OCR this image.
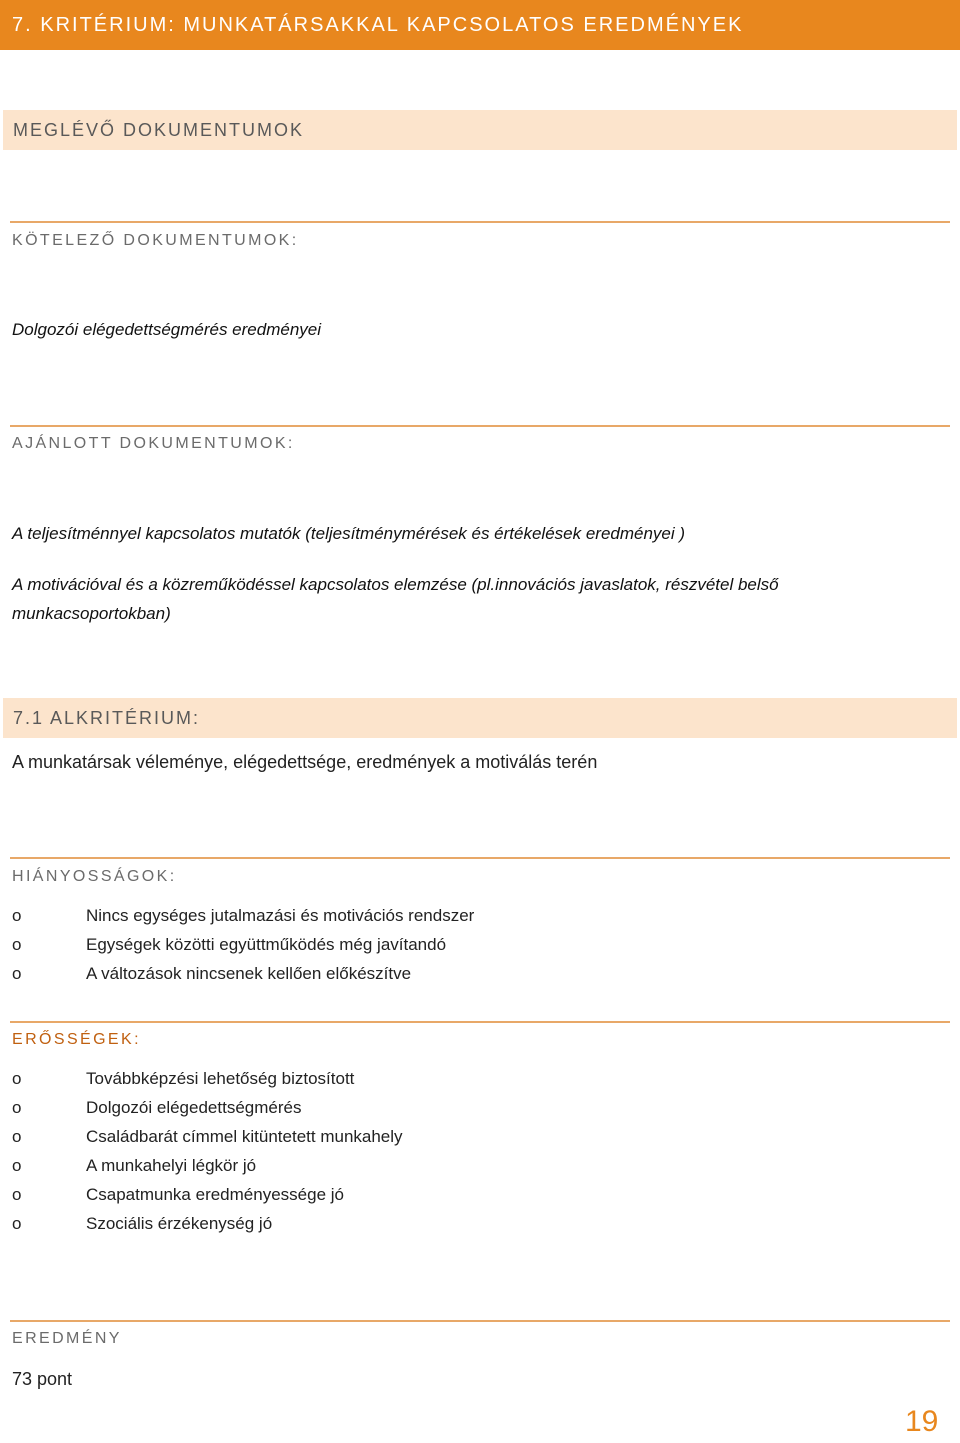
7. KRITÉRIUM: MUNKATÁRSAKKAL KAPCSOLATOS EREDMÉNYEK
MEGLÉVŐ DOKUMENTUMOK
KÖTELEZŐ DOKUMENTUMOK:
Dolgozói elégedettségmérés eredményei
AJÁNLOTT DOKUMENTUMOK:
A teljesítménnyel kapcsolatos mutatók (teljesítménymérések és értékelések eredményei )
A motivációval és a közreműködéssel kapcsolatos elemzése (pl.innovációs javaslatok, részvétel belső
munkacsoportokban)
7.1 ALKRITÉRIUM:
A munkatársak véleménye, elégedettsége, eredmények a motiválás terén
HIÁNYOSSÁGOK:
o	Nincs egységes jutalmazási és motivációs rendszer
o	Egységek közötti együttműködés még javítandó
o	A változások nincsenek kellően előkészítve
ERŐSSÉGEK:
o	Továbbképzési lehetőség biztosított
o	Dolgozói elégedettségmérés
o	Családbarát címmel kitüntetett munkahely
o	A munkahelyi légkör jó
o	Csapatmunka eredményessége jó
o	Szociális érzékenység jó
EREDMÉNY
73 pont
19
